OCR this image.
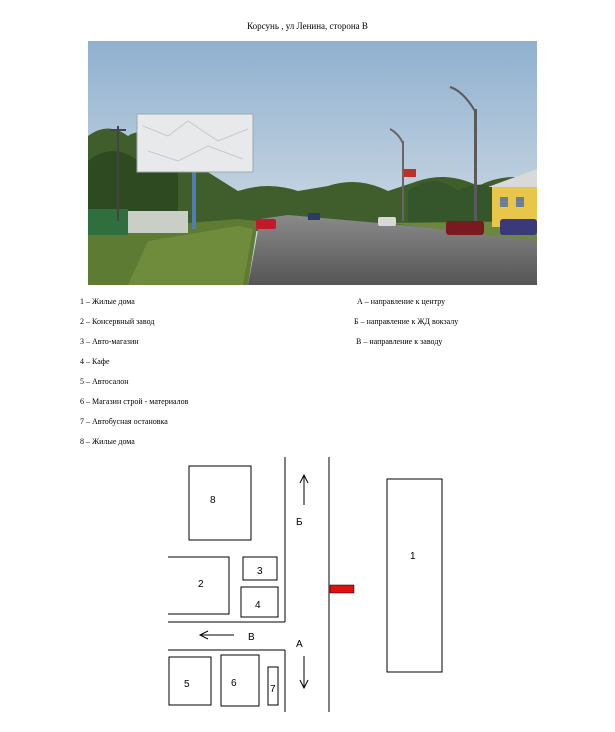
Корсунь , ул Ленина, сторона В
1 – Жилые дома
2 – Консервный завод
3 – Авто-магазин
4 – Кафе
5 – Автосалон
6 – Магазин строй - материалов
7 – Автобусная остановка
8 – Жилые дома
А – направление к центру
Б – направление к ЖД вокзалу
В – направление к заводу
8
2
3
4
1
5	6
7
Б
В
А
